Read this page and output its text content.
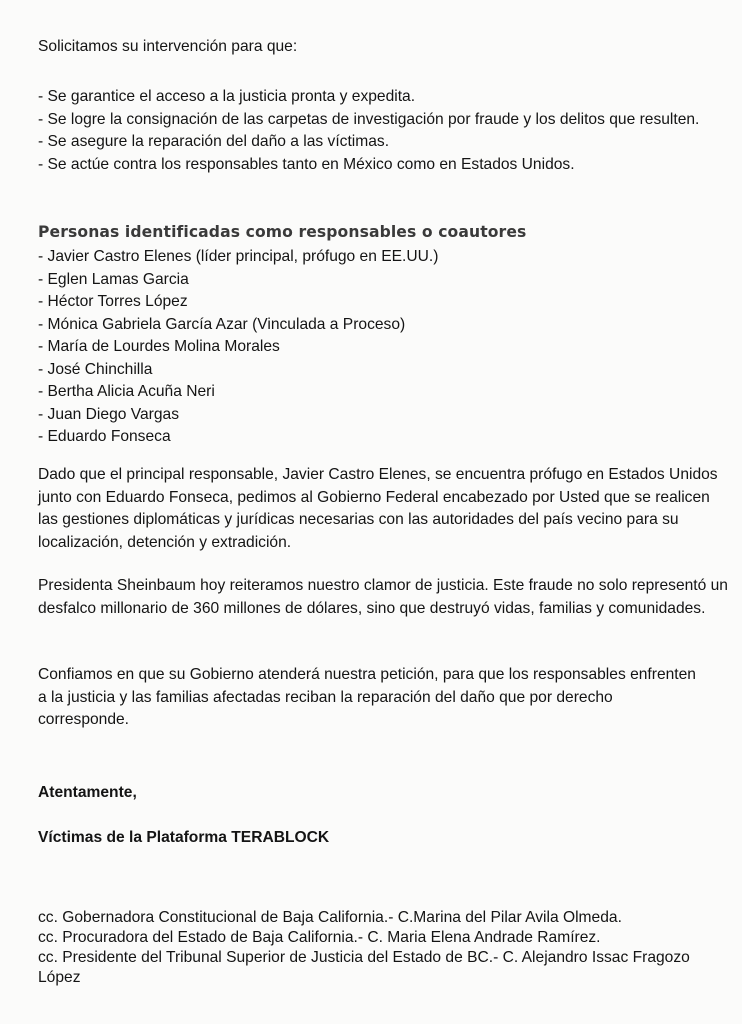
Solicitamos su intervención para que:

- Se garantice el acceso a la justicia pronta y expedita.

- Se logre la consignación de las carpetas de investigación por fraude y los delitos que resulten.

- Se asegure la reparación del daño a las víctimas.

- Se actúe contra los responsables tanto en México como en Estados Unidos.

Personas identificadas como responsables o coautores

- Javier Castro Elenes (líder principal, prófugo en EE.UU.)

- Eglen Lamas Garcia

- Héctor Torres López

- Mónica Gabriela García Azar (Vinculada a Proceso)

- María de Lourdes Molina Morales

- José Chinchilla

- Bertha Alicia Acuña Neri

- Juan Diego Vargas

- Eduardo Fonseca

Dado que el principal responsable, Javier Castro Elenes, se encuentra prófugo en Estados Unidos junto con Eduardo Fonseca, pedimos al Gobierno Federal encabezado por Usted que se realicen las gestiones diplomáticas y jurídicas necesarias con las autoridades del país vecino para su localización, detención y extradición.

Presidenta Sheinbaum hoy reiteramos nuestro clamor de justicia. Este fraude no solo representó un desfalco millonario de 360 millones de dólares, sino que destruyó vidas, familias y comunidades.

Confiamos en que su Gobierno atenderá nuestra petición, para que los responsables enfrenten a la justicia y las familias afectadas reciban la reparación del daño que por derecho corresponde.

Atentamente,

Víctimas de la Plataforma TERABLOCK

cc. Gobernadora Constitucional de Baja California.- C.Marina del Pilar Avila Olmeda.

cc. Procuradora del Estado de Baja California.- C. Maria Elena Andrade Ramírez.

cc. Presidente del Tribunal Superior de Justicia del Estado de BC.- C. Alejandro Issac Fragozo López
